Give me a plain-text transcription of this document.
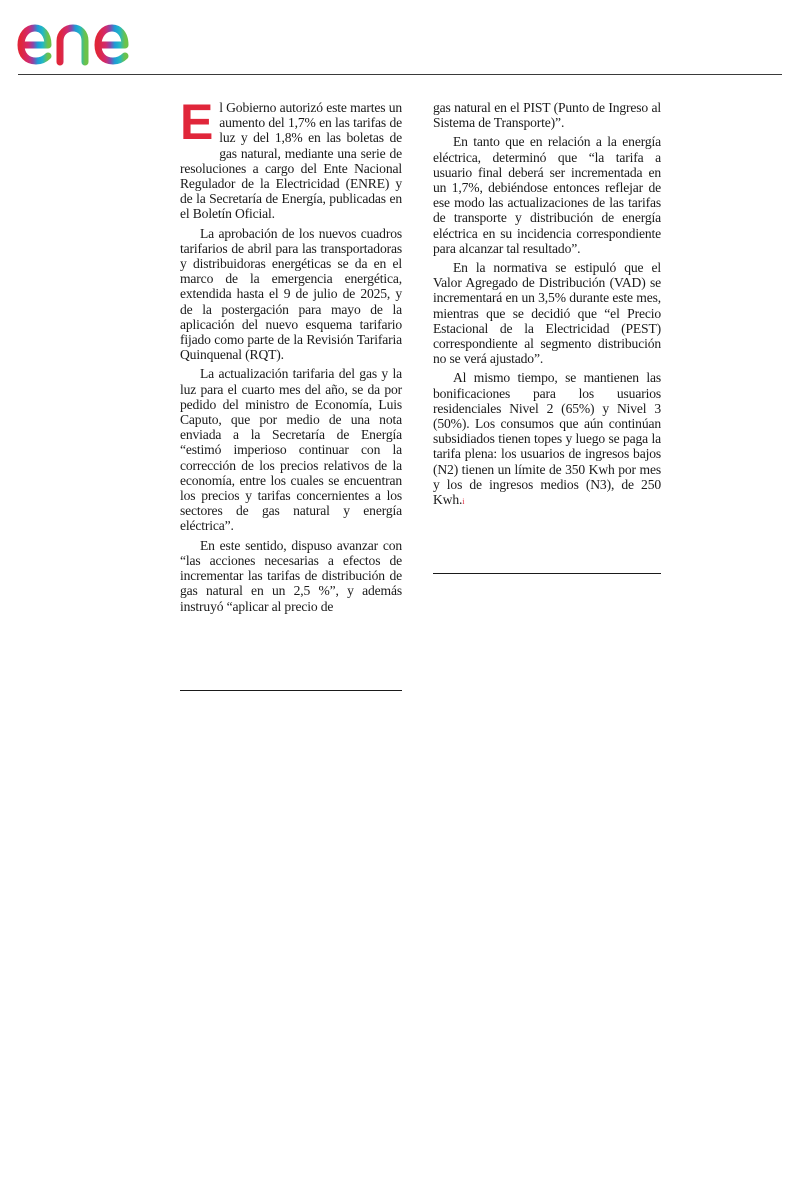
El Gobierno autorizó este martes un aumento del 1,7% en las tarifas de luz y del 1,8% en las boletas de gas natural, mediante una serie de resoluciones a cargo del Ente Nacional Regulador de la Electricidad (ENRE) y de la Secretaría de Energía, publicadas en el Boletín Oficial.

La aprobación de los nuevos cuadros tarifarios de abril para las transportadoras y distribuidoras energéticas se da en el marco de la emergencia energética, extendida hasta el 9 de julio de 2025, y de la postergación para mayo de la aplicación del nuevo esquema tarifario fijado como parte de la Revisión Tarifaria Quinquenal (RQT).

La actualización tarifaria del gas y la luz para el cuarto mes del año, se da por pedido del ministro de Economía, Luis Caputo, que por medio de una nota enviada a la Secretaría de Energía “estimó imperioso continuar con la corrección de los precios relativos de la economía, entre los cuales se encuentran los precios y tarifas concernientes a los sectores de gas natural y energía eléctrica”.

En este sentido, dispuso avanzar con “las acciones necesarias a efectos de incrementar las tarifas de distribución de gas natural en un 2,5 %”, y además instruyó “aplicar al precio de

gas natural en el PIST (Punto de Ingreso al Sistema de Transporte)”.

En tanto que en relación a la energía eléctrica, determinó que “la tarifa a usuario final deberá ser incrementada en un 1,7%, debiéndose entonces reflejar de ese modo las actualizaciones de las tarifas de transporte y distribución de energía eléctrica en su incidencia correspondiente para alcanzar tal resultado”.

En la normativa se estipuló que el Valor Agregado de Distribución (VAD) se incrementará en un 3,5% durante este mes, mientras que se decidió que “el Precio Estacional de la Electricidad (PEST) correspondiente al segmento distribución no se verá ajustado”.

Al mismo tiempo, se mantienen las bonificaciones para los usuarios residenciales Nivel 2 (65%) y Nivel 3 (50%). Los consumos que aún continúan subsidiados tienen topes y luego se paga la tarifa plena: los usuarios de ingresos bajos (N2) tienen un límite de 350 Kwh por mes y los de ingresos medios (N3), de 250 Kwh.i
